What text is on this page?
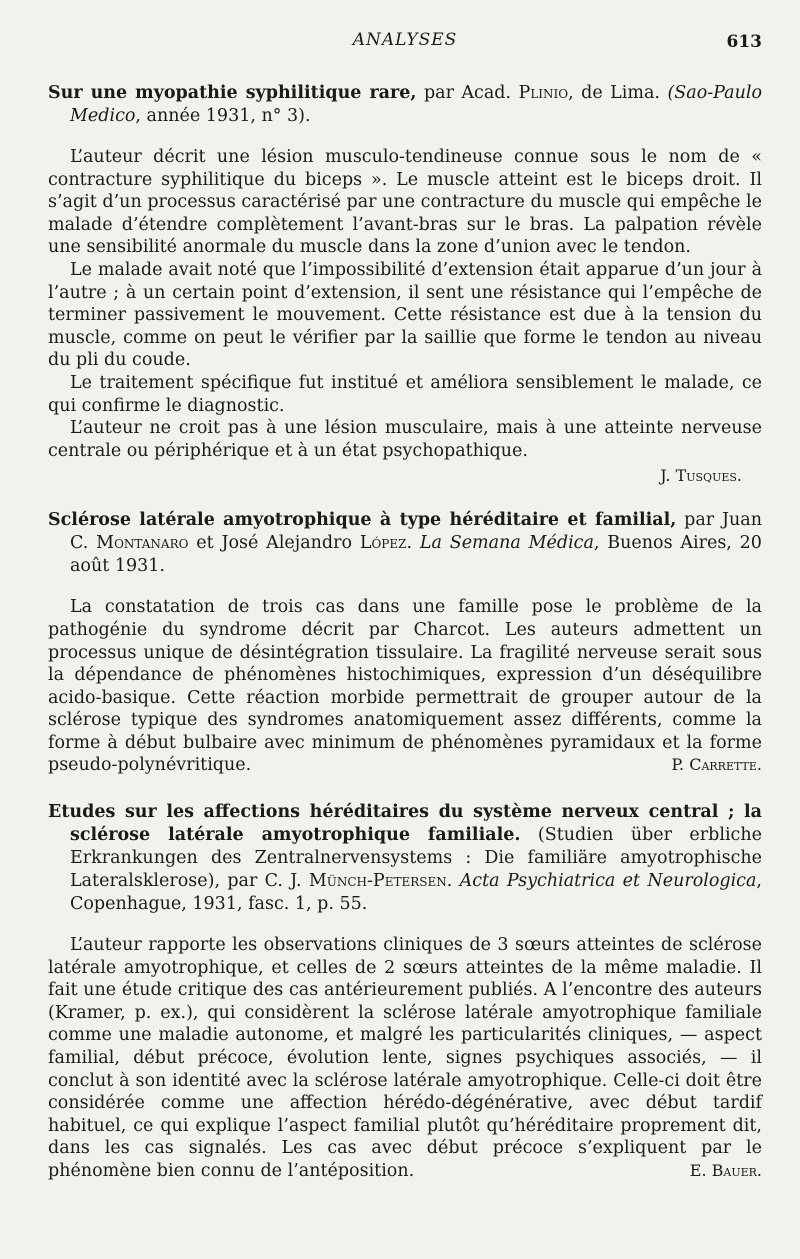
ANALYSES	613

Sur une myopathie syphilitique rare, par Acad. Plinio, de Lima. (Sao-Paulo Medico, année 1931, n° 3).

L’auteur décrit une lésion musculo-tendineuse connue sous le nom de « contracture syphilitique du biceps ». Le muscle atteint est le biceps droit. Il s’agit d’un processus caractérisé par une contracture du muscle qui empêche le malade d’étendre complètement l’avant-bras sur le bras. La palpation révèle une sensibilité anormale du muscle dans la zone d’union avec le tendon.

Le malade avait noté que l’impossibilité d’extension était apparue d’un jour à l’autre ; à un certain point d’extension, il sent une résistance qui l’empêche de terminer passivement le mouvement. Cette résistance est due à la tension du muscle, comme on peut le vérifier par la saillie que forme le tendon au niveau du pli du coude.

Le traitement spécifique fut institué et améliora sensiblement le malade, ce qui confirme le diagnostic.

L’auteur ne croit pas à une lésion musculaire, mais à une atteinte nerveuse centrale ou périphérique et à un état psychopathique.

J. Tusques.

Sclérose latérale amyotrophique à type héréditaire et familial, par Juan C. Montanaro et José Alejandro López. La Semana Médica, Buenos Aires, 20 août 1931.

La constatation de trois cas dans une famille pose le problème de la pathogénie du syndrome décrit par Charcot. Les auteurs admettent un processus unique de désintégration tissulaire. La fragilité nerveuse serait sous la dépendance de phénomènes histochimiques, expression d’un déséquilibre acido-basique. Cette réaction morbide permettrait de grouper autour de la sclérose typique des syndromes anatomiquement assez différents, comme la forme à début bulbaire avec minimum de phénomènes pyramidaux et la forme pseudo-polynévritique.	P. Carrette.

Etudes sur les affections héréditaires du système nerveux central ; la sclérose latérale amyotrophique familiale. (Studien über erbliche Erkrankungen des Zentralnervensystems : Die familiäre amyotrophische Lateralsklerose), par C. J. Münch-Petersen. Acta Psychiatrica et Neurologica, Copenhague, 1931, fasc. 1, p. 55.

L’auteur rapporte les observations cliniques de 3 sœurs atteintes de sclérose latérale amyotrophique, et celles de 2 sœurs atteintes de la même maladie. Il fait une étude critique des cas antérieurement publiés. A l’encontre des auteurs (Kramer, p. ex.), qui considèrent la sclérose latérale amyotrophique familiale comme une maladie autonome, et malgré les particularités cliniques, — aspect familial, début précoce, évolution lente, signes psychiques associés, — il conclut à son identité avec la sclérose latérale amyotrophique. Celle-ci doit être considérée comme une affection hérédo-dégénérative, avec début tardif habituel, ce qui explique l’aspect familial plutôt qu’héréditaire proprement dit, dans les cas signalés. Les cas avec début précoce s’expliquent par le phénomène bien connu de l’antéposition.	E. Bauer.
